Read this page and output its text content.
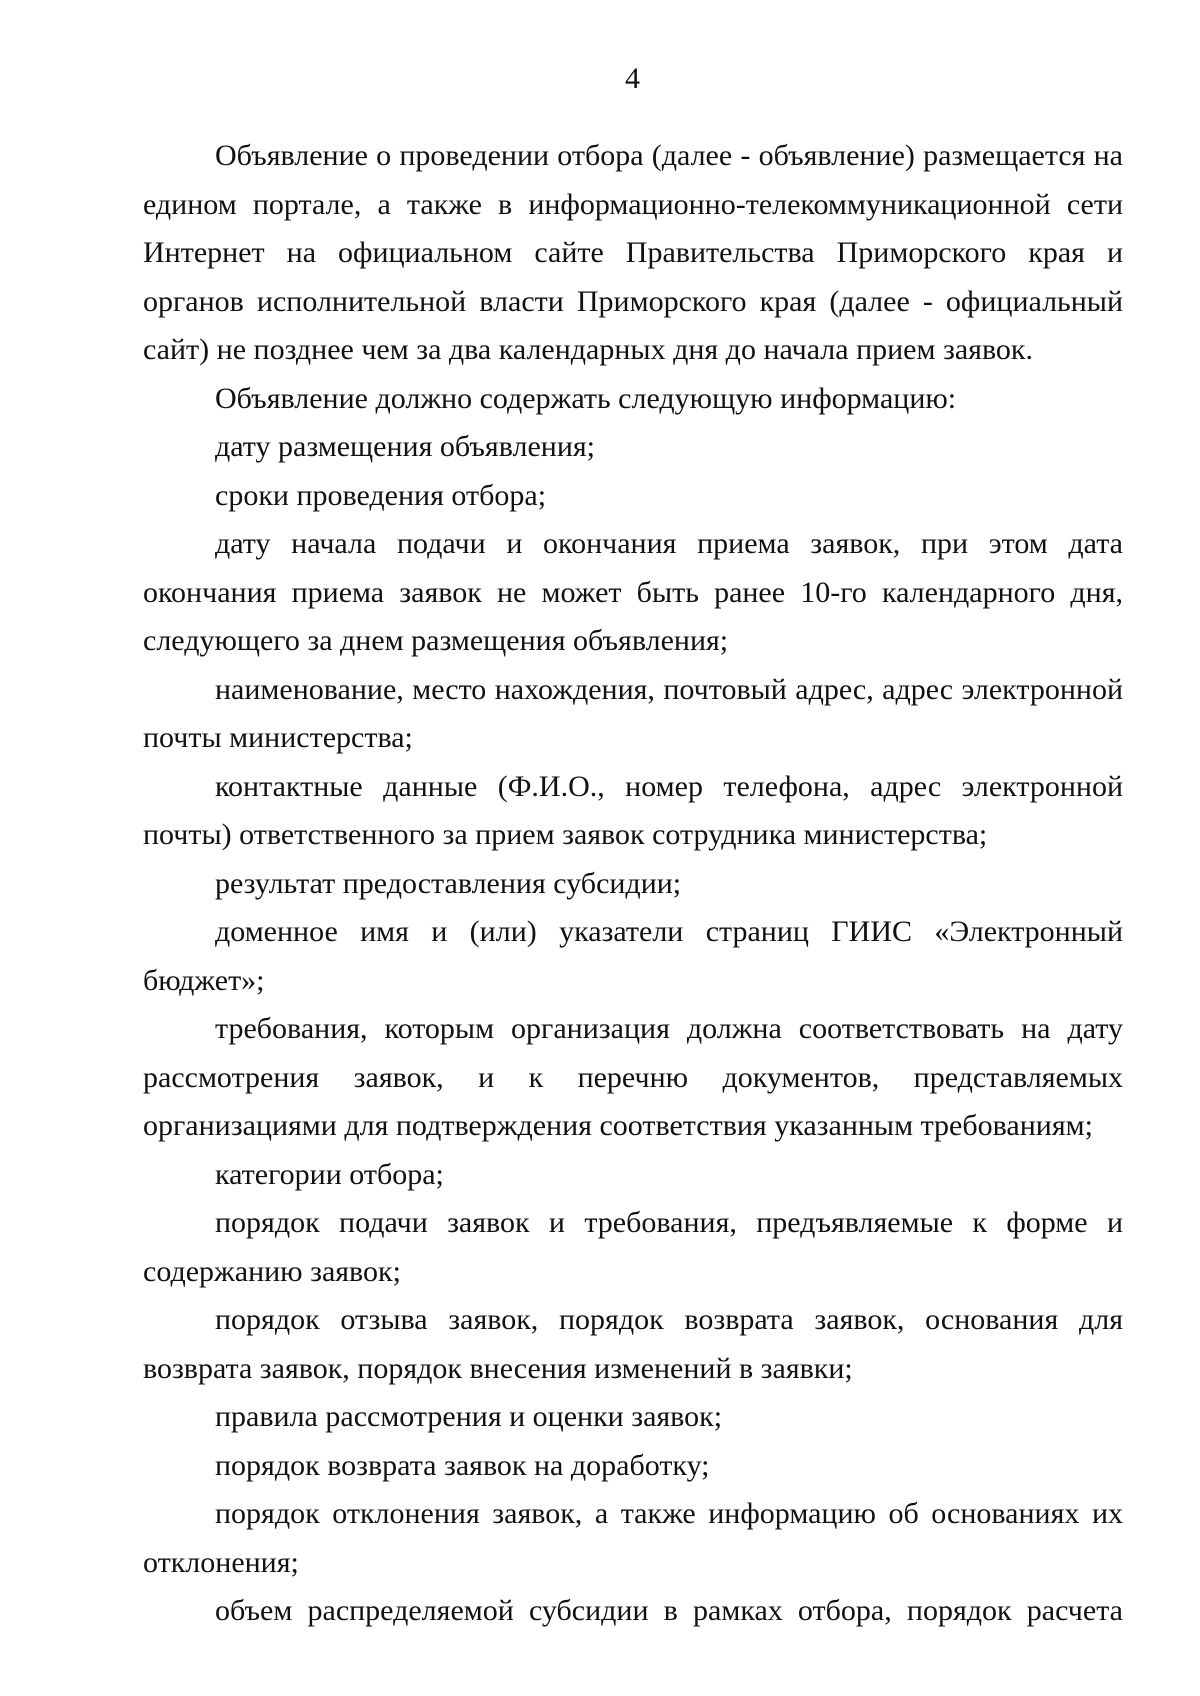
4

Объявление о проведении отбора (далее - объявление) размещается на едином портале, а также в информационно-телекоммуникационной сети Интернет на официальном сайте Правительства Приморского края и органов исполнительной власти Приморского края (далее - официальный сайт) не позднее чем за два календарных дня до начала прием заявок.

Объявление должно содержать следующую информацию:

дату размещения объявления;

сроки проведения отбора;

дату начала подачи и окончания приема заявок, при этом дата окончания приема заявок не может быть ранее 10-го календарного дня, следующего за днем размещения объявления;

наименование, место нахождения, почтовый адрес, адрес электронной почты министерства;

контактные данные (Ф.И.О., номер телефона, адрес электронной почты) ответственного за прием заявок сотрудника министерства;

результат предоставления субсидии;

доменное имя и (или) указатели страниц ГИИС «Электронный бюджет»;

требования, которым организация должна соответствовать на дату рассмотрения заявок, и к перечню документов, представляемых организациями для подтверждения соответствия указанным требованиям;

категории отбора;

порядок подачи заявок и требования, предъявляемые к форме и содержанию заявок;

порядок отзыва заявок, порядок возврата заявок, основания для возврата заявок, порядок внесения изменений в заявки;

правила рассмотрения и оценки заявок;

порядок возврата заявок на доработку;

порядок отклонения заявок, а также информацию об основаниях их отклонения;

объем распределяемой субсидии в рамках отбора, порядок расчета
